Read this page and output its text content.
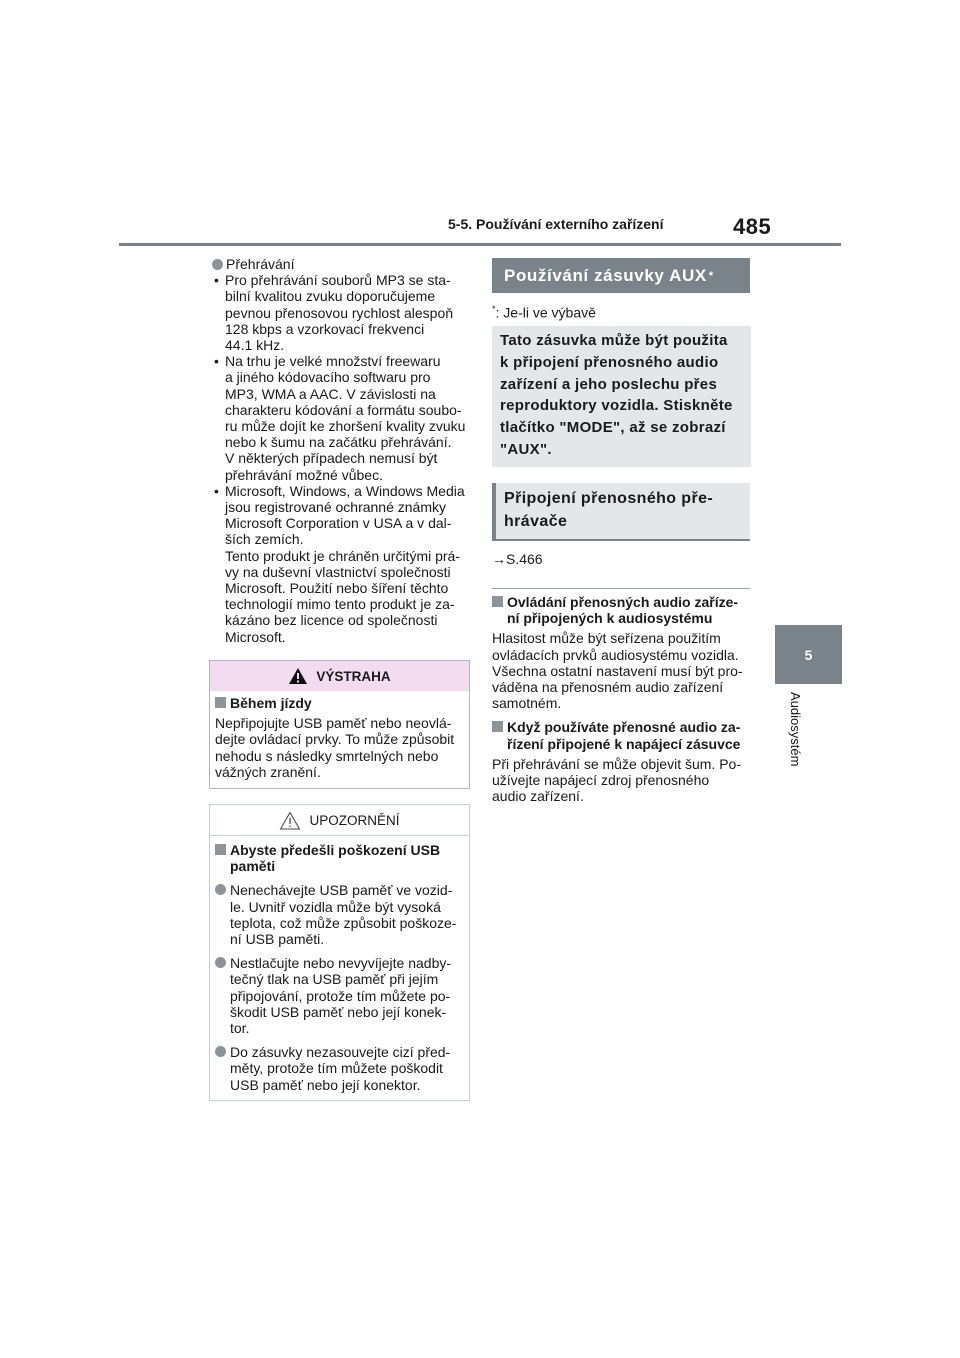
5-5. Používání externího zařízení	485
5
Audiosystém
Přehrávání
• Pro přehrávání souborů MP3 se sta-
bilní kvalitou zvuku doporučujeme
pevnou přenosovou rychlost alespoň
128 kbps a vzorkovací frekvenci
44.1 kHz.
• Na trhu je velké množství freewaru
a jiného kódovacího softwaru pro
MP3, WMA a AAC. V závislosti na
charakteru kódování a formátu soubo-
ru může dojít ke zhoršení kvality zvuku
nebo k šumu na začátku přehrávání.
V některých případech nemusí být
přehrávání možné vůbec.
• Microsoft, Windows, a Windows Media
jsou registrované ochranné známky
Microsoft Corporation v USA a v dal-
ších zemích.
Tento produkt je chráněn určitými prá-
vy na duševní vlastnictví společnosti
Microsoft. Použití nebo šíření těchto
technologií mimo tento produkt je za-
kázáno bez licence od společnosti
Microsoft.
VÝSTRAHA
Během jízdy
Nepřipojujte USB paměť nebo neovlá-
dejte ovládací prvky. To může způsobit
nehodu s následky smrtelných nebo
vážných zranění.
UPOZORNĚNÍ
Abyste předešli poškození USB
paměti
Nenechávejte USB paměť ve vozid-
le. Uvnitř vozidla může být vysoká
teplota, což může způsobit poškoze-
ní USB paměti.
Nestlačujte nebo nevyvíjejte nadby-
tečný tlak na USB paměť při jejím
připojování, protože tím můžete po-
škodit USB paměť nebo její konek-
tor.
Do zásuvky nezasouvejte cizí před-
měty, protože tím můžete poškodit
USB paměť nebo její konektor.
Používání zásuvky AUX *
*: Je-li ve výbavě
Tato zásuvka může být použita
k připojení přenosného audio
zařízení a jeho poslechu přes
reproduktory vozidla. Stiskněte
tlačítko "MODE", až se zobrazí
"AUX".
Připojení přenosného pře-
hrávače
→S.466
Ovládání přenosných audio zaříze-
ní připojených k audiosystému

Hlasitost může být seřízena použitím

ovládacích prvků audiosystému vozidla.

Všechna ostatní nastavení musí být pro-

váděna na přenosném audio zařízení

samotném.

Když používáte přenosné audio za-
řízení připojené k napájecí zásuvce

Při přehrávání se může objevit šum. Po-

užívejte napájecí zdroj přenosného

audio zařízení.
